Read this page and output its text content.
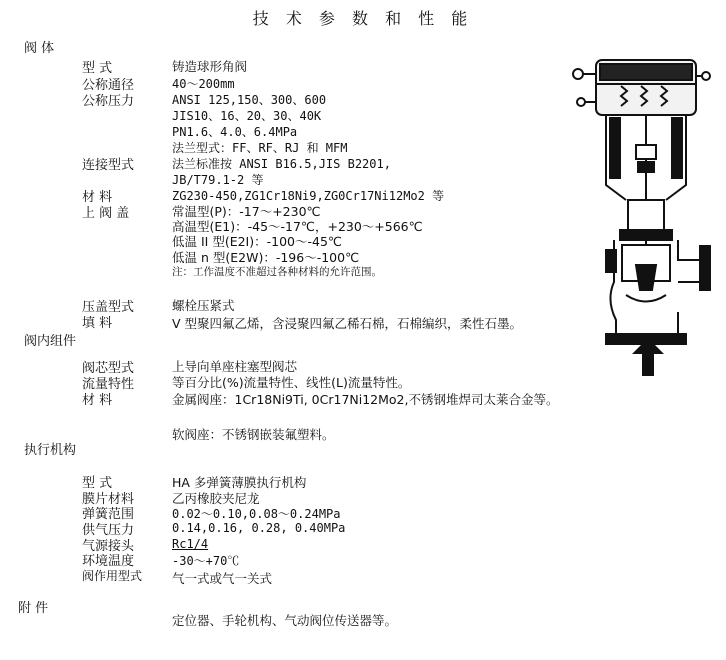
技 术 参 数 和 性 能
阀 体
型 式	铸造球形角阀
公称通径	40～200mm
公称压力	ANSI 125,150、300、600
JIS10、16、20、30、40K
PN1.6、4.0、6.4MPa
法兰型式：FF、RF、RJ 和 MFM
连接型式	法兰标准按 ANSI B16.5,JIS B2201,
JB/T79.1-2 等
材 料	ZG230-450,ZG1Cr18Ni9,ZG0Cr17Ni12Mo2 等
上 阀 盖	常温型(P)：-17～+230℃
高温型(E1)：-45～-17℃，+230～+566℃
低温 II 型(E2I)：-100～-45℃
低温 n 型(E2W)：-196～-100℃
注：工作温度不准超过各种材料的允许范围。
压盖型式	螺栓压紧式
填 料	V 型聚四氟乙烯，含浸聚四氟乙稀石棉，石棉编织，柔性石墨。
阀内组件
阀芯型式	上导向单座柱塞型阀芯
流量特性	等百分比(%)流量特性、线性(L)流量特性。
材 料	金属阀座：1Cr18Ni9Ti, 0Cr17Ni12Mo2,不锈钢堆焊司太莱合金等。
软阀座：不锈钢嵌装氟塑料。
执行机构
型 式	HA 多弹簧薄膜执行机构
膜片材料	乙丙橡胶夹尼龙
弹簧范围	0.02～0.10,0.08～0.24MPa
供气压力	0.14,0.16, 0.28, 0.40MPa
气源接头	Rc1/4
环境温度	-30～+70℃
阀作用型式 气一式或气一关式
附 件
定位器、手轮机构、气动阀位传送器等。
